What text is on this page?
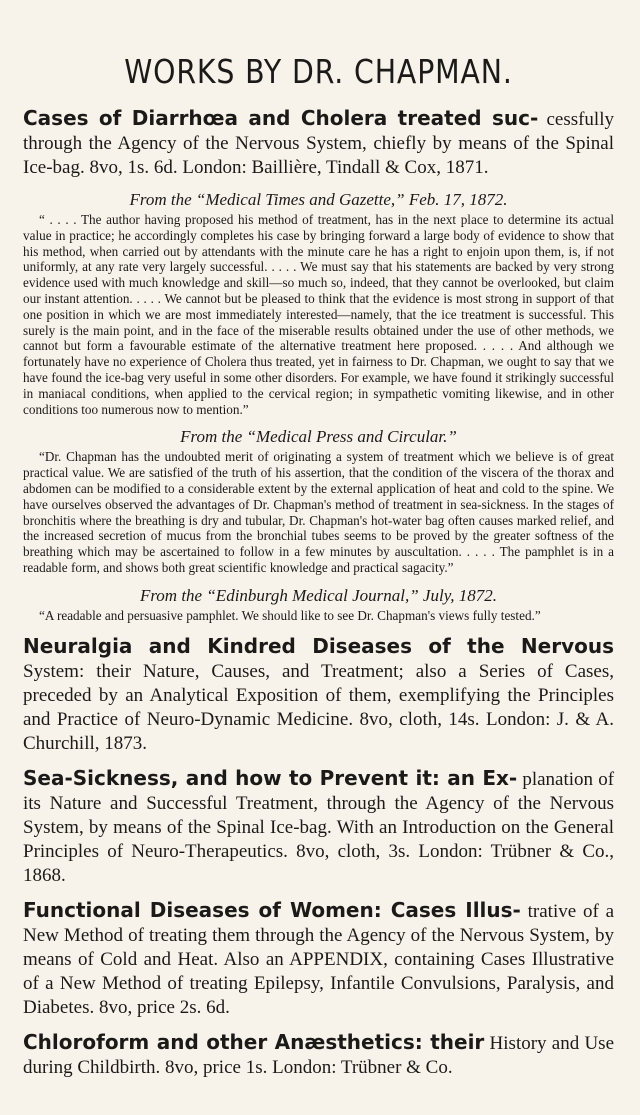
WORKS BY DR. CHAPMAN.
Cases of Diarrhœa and Cholera treated suc- cessfully through the Agency of the Nervous System, chiefly by means of the Spinal Ice-bag. 8vo, 1s. 6d. London: Baillière, Tindall & Cox, 1871.
From the “Medical Times and Gazette,” Feb. 17, 1872.

“ . . . . The author having proposed his method of treatment, has in the next place to determine its actual value in practice; he accordingly completes his case by bringing forward a large body of evidence to show that his method, when carried out by attendants with the minute care he has a right to enjoin upon them, is, if not uniformly, at any rate very largely successful. . . . . We must say that his statements are backed by very strong evidence used with much knowledge and skill—so much so, indeed, that they cannot be overlooked, but claim our instant attention. . . . . We cannot but be pleased to think that the evidence is most strong in support of that one position in which we are most immediately interested—namely, that the ice treatment is successful. This surely is the main point, and in the face of the miserable results obtained under the use of other methods, we cannot but form a favourable estimate of the alternative treatment here proposed. . . . . And although we fortunately have no experience of Cholera thus treated, yet in fairness to Dr. Chapman, we ought to say that we have found the ice-bag very useful in some other disorders. For example, we have found it strikingly successful in maniacal conditions, when applied to the cervical region; in sympathetic vomiting likewise, and in other conditions too numerous now to mention.”

From the “Medical Press and Circular.”

“Dr. Chapman has the undoubted merit of originating a system of treatment which we believe is of great practical value. We are satisfied of the truth of his assertion, that the condition of the viscera of the thorax and abdomen can be modified to a considerable extent by the external application of heat and cold to the spine. We have ourselves observed the advantages of Dr. Chapman's method of treatment in sea-sickness. In the stages of bronchitis where the breathing is dry and tubular, Dr. Chapman's hot-water bag often causes marked relief, and the increased secretion of mucus from the bronchial tubes seems to be proved by the greater softness of the breathing which may be ascertained to follow in a few minutes by auscultation. . . . . The pamphlet is in a readable form, and shows both great scientific knowledge and practical sagacity.”

From the “Edinburgh Medical Journal,” July, 1872.

“A readable and persuasive pamphlet. We should like to see Dr. Chapman's views fully tested.”

Neuralgia and Kindred Diseases of the Nervous System: their Nature, Causes, and Treatment; also a Series of Cases, preceded by an Analytical Exposition of them, exemplifying the Principles and Practice of Neuro-Dynamic Medicine. 8vo, cloth, 14s. London: J. & A. Churchill, 1873.
Sea-Sickness, and how to Prevent it: an Ex- planation of its Nature and Successful Treatment, through the Agency of the Nervous System, by means of the Spinal Ice-bag. With an Introduction on the General Principles of Neuro-Therapeutics. 8vo, cloth, 3s. London: Trübner & Co., 1868.
Functional Diseases of Women: Cases Illus- trative of a New Method of treating them through the Agency of the Nervous System, by means of Cold and Heat. Also an APPENDIX, containing Cases Illustrative of a New Method of treating Epilepsy, Infantile Convulsions, Paralysis, and Diabetes. 8vo, price 2s. 6d.
Chloroform and other Anæsthetics: their History and Use during Childbirth. 8vo, price 1s. London: Trübner & Co.
